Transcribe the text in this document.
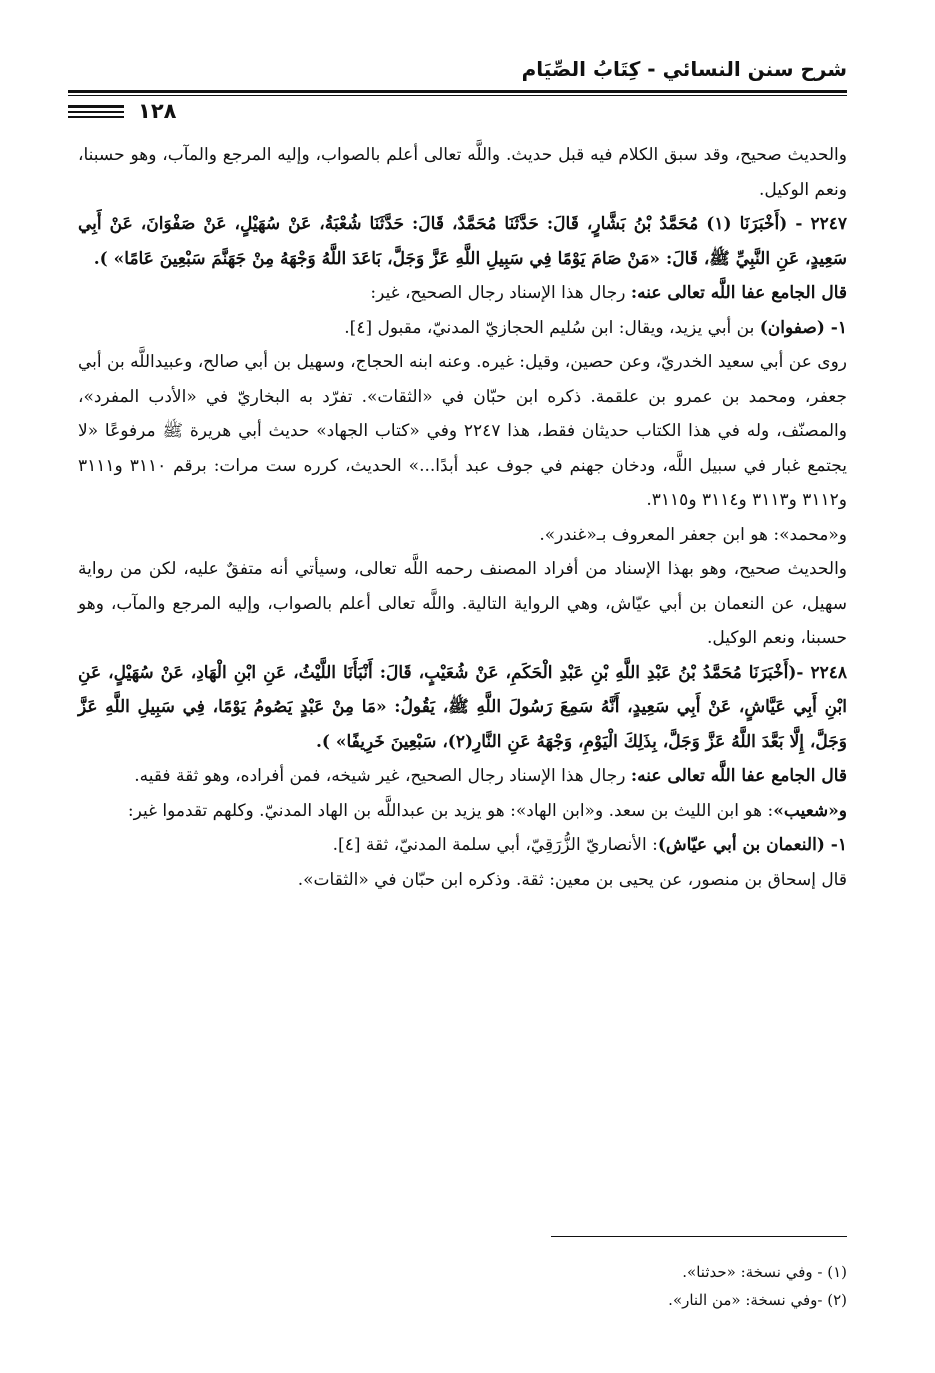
شرح سنن النسائي - كِتَابُ الصِّيَام
١٢٨

والحديث صحيح، وقد سبق الكلام فيه قبل حديث. واللَّه تعالى أعلم بالصواب، وإليه المرجع والمآب، وهو حسبنا، ونعم الوكيل.

٢٢٤٧ - (أَخْبَرَنَا (١) مُحَمَّدُ بْنُ بَشَّارٍ، قَالَ: حَدَّثَنَا مُحَمَّدٌ، قَالَ: حَدَّثَنَا شُعْبَةُ، عَنْ سُهَيْلٍ، عَنْ صَفْوَانَ، عَنْ أَبِي سَعِيدٍ، عَنِ النَّبِيِّ ﷺ، قَالَ: «مَنْ صَامَ يَوْمًا فِي سَبِيلِ اللَّهِ عَزَّ وَجَلَّ، بَاعَدَ اللَّهُ وَجْهَهُ مِنْ جَهَنَّمَ سَبْعِينَ عَامًا» ).

قال الجامع عفا اللَّه تعالى عنه: رجال هذا الإسناد رجال الصحيح، غير:

١- (صفوان) بن أبي يزيد، ويقال: ابن سُليم الحجازيّ المدنيّ، مقبول [٤].

روى عن أبي سعيد الخدريّ، وعن حصين، وقيل: غيره. وعنه ابنه الحجاج، وسهيل بن أبي صالح، وعبيداللَّه بن أبي جعفر، ومحمد بن عمرو بن علقمة. ذكره ابن حبّان في «الثقات». تفرّد به البخاريّ في «الأدب المفرد»، والمصنّف، وله في هذا الكتاب حديثان فقط، هذا ٢٢٤٧ وفي «كتاب الجهاد» حديث أبي هريرة ﷺ مرفوعًا «لا يجتمع غبار في سبيل اللَّه، ودخان جهنم في جوف عبد أبدًا...» الحديث، كرره ست مرات: برقم ٣١١٠ و٣١١١ و٣١١٢ و٣١١٣ و٣١١٤ و٣١١٥.

و«محمد»: هو ابن جعفر المعروف بـ«غندر».

والحديث صحيح، وهو بهذا الإسناد من أفراد المصنف رحمه اللَّه تعالى، وسيأتي أنه متفقٌ عليه، لكن من رواية سهيل، عن النعمان بن أبي عيّاش، وهي الرواية التالية. واللَّه تعالى أعلم بالصواب، وإليه المرجع والمآب، وهو حسبنا، ونعم الوكيل.

٢٢٤٨ -(أَخْبَرَنَا مُحَمَّدُ بْنُ عَبْدِ اللَّهِ بْنِ عَبْدِ الْحَكَمِ، عَنْ شُعَيْبٍ، قَالَ: أَنْبَأَنَا اللَّيْثُ، عَنِ ابْنِ الْهَادِ، عَنْ سُهَيْلٍ، عَنِ ابْنِ أَبِي عَيَّاشٍ، عَنْ أَبِي سَعِيدٍ، أَنَّهُ سَمِعَ رَسُولَ اللَّهِ ﷺ، يَقُولُ: «مَا مِنْ عَبْدٍ يَصُومُ يَوْمًا، فِي سَبِيلِ اللَّهِ عَزَّ وَجَلَّ، إِلَّا بَعَّدَ اللَّهُ عَزَّ وَجَلَّ، بِذَلِكَ الْيَوْمِ، وَجْهَهُ عَنِ النَّارِ(٢)، سَبْعِينَ خَرِيفًا» ).

قال الجامع عفا اللَّه تعالى عنه: رجال هذا الإسناد رجال الصحيح، غير شيخه، فمن أفراده، وهو ثقة فقيه.

و«شعيب»: هو ابن الليث بن سعد. و«ابن الهاد»: هو يزيد بن عبداللَّه بن الهاد المدنيّ. وكلهم تقدموا غير:

١- (النعمان بن أبي عيّاش): الأنصاريّ الزُّرَقِيّ، أبي سلمة المدنيّ، ثقة [٤].

قال إسحاق بن منصور، عن يحيى بن معين: ثقة. وذكره ابن حبّان في «الثقات».

(١) - وفي نسخة: «حدثنا».

(٢) -وفي نسخة: «من النار».
